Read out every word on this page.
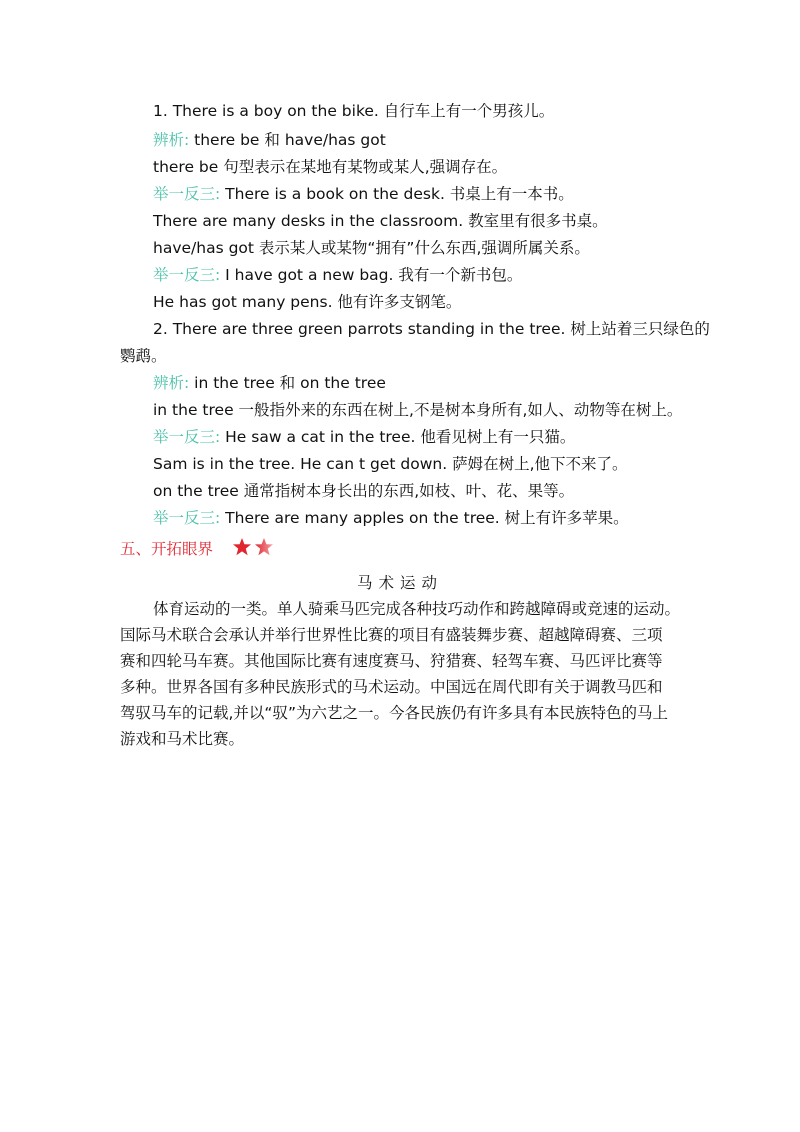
1. There is a boy on the bike. 自行车上有一个男孩儿。
辨析: there be 和 have/has got
there be 句型表示在某地有某物或某人,强调存在。
举一反三: There is a book on the desk. 书桌上有一本书。
There are many desks in the classroom. 教室里有很多书桌。
have/has got 表示某人或某物“拥有”什么东西,强调所属关系。
举一反三: I have got a new bag. 我有一个新书包。
He has got many pens. 他有许多支钢笔。
2. There are three green parrots standing in the tree. 树上站着三只绿色的
鹦鹉。
辨析: in the tree 和 on the tree
in the tree 一般指外来的东西在树上,不是树本身所有,如人、动物等在树上。
举一反三: He saw a cat in the tree. 他看见树上有一只猫。
Sam is in the tree. He can t get down. 萨姆在树上,他下不来了。
on the tree 通常指树本身长出的东西,如枝、叶、花、果等。
举一反三: There are many apples on the tree. 树上有许多苹果。
五、开拓眼界
马术运动
体育运动的一类。单人骑乘马匹完成各种技巧动作和跨越障碍或竞速的运动。
国际马术联合会承认并举行世界性比赛的项目有盛装舞步赛、超越障碍赛、三项
赛和四轮马车赛。其他国际比赛有速度赛马、狩猎赛、轻驾车赛、马匹评比赛等
多种。世界各国有多种民族形式的马术运动。中国远在周代即有关于调教马匹和
驾驭马车的记载,并以“驭”为六艺之一。今各民族仍有许多具有本民族特色的马上
游戏和马术比赛。
